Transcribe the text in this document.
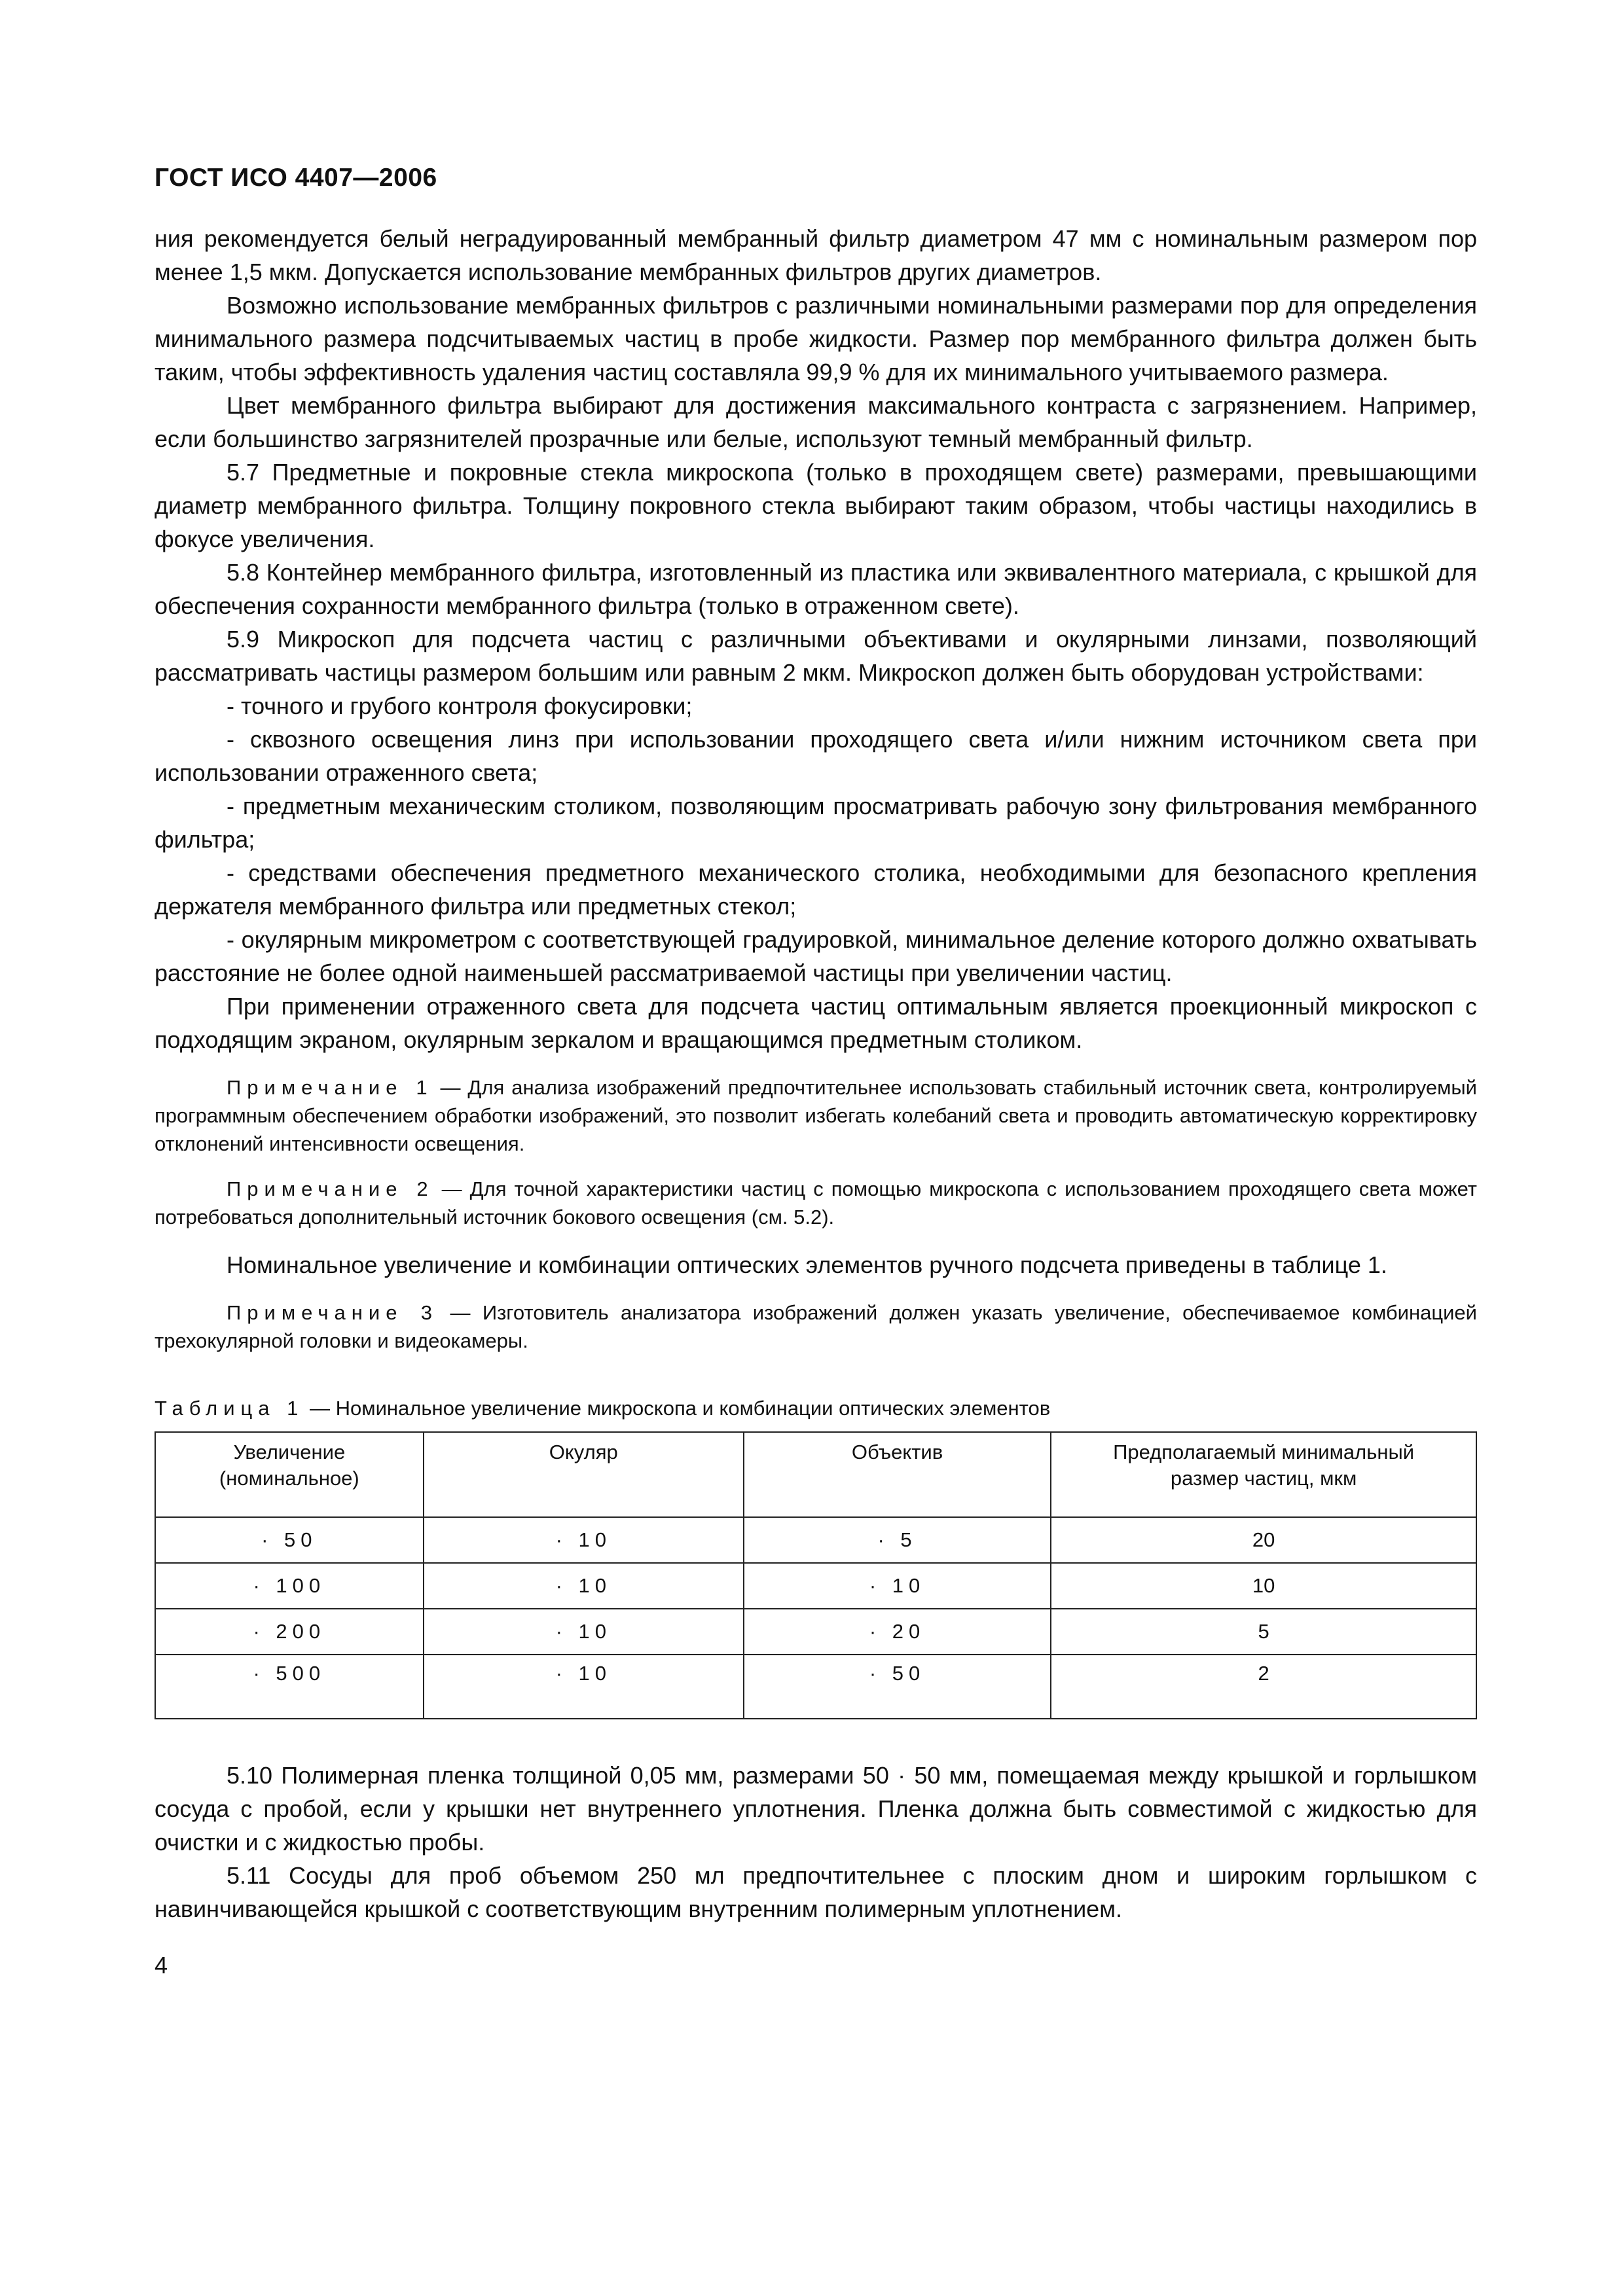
ГОСТ ИСО 4407—2006

ния рекомендуется белый неградуированный мембранный фильтр диаметром 47 мм с номинальным размером пор менее 1,5 мкм. Допускается использование мембранных фильтров других диаметров.

Возможно использование мембранных фильтров с различными номинальными размерами пор для определения минимального размера подсчитываемых частиц в пробе жидкости. Размер пор мембранного фильтра должен быть таким, чтобы эффективность удаления частиц составляла 99,9 % для их минимального учитываемого размера.

Цвет мембранного фильтра выбирают для достижения максимального контраста с загрязнением. Например, если большинство загрязнителей прозрачные или белые, используют темный мембранный фильтр.

5.7 Предметные и покровные стекла микроскопа (только в проходящем свете) размерами, превышающими диаметр мембранного фильтра. Толщину покровного стекла выбирают таким образом, чтобы частицы находились в фокусе увеличения.

5.8 Контейнер мембранного фильтра, изготовленный из пластика или эквивалентного материала, с крышкой для обеспечения сохранности мембранного фильтра (только в отраженном свете).

5.9 Микроскоп для подсчета частиц с различными объективами и окулярными линзами, позволяющий рассматривать частицы размером большим или равным 2 мкм. Микроскоп должен быть оборудован устройствами:

- точного и грубого контроля фокусировки;

- сквозного освещения линз при использовании проходящего света и/или нижним источником света при использовании отраженного света;

- предметным механическим столиком, позволяющим просматривать рабочую зону фильтрования мембранного фильтра;

- средствами обеспечения предметного механического столика, необходимыми для безопасного крепления держателя мембранного фильтра или предметных стекол;

- окулярным микрометром с соответствующей градуировкой, минимальное деление которого должно охватывать расстояние не более одной наименьшей рассматриваемой частицы при увеличении частиц.

При применении отраженного света для подсчета частиц оптимальным является проекционный микроскоп с подходящим экраном, окулярным зеркалом и вращающимся предметным столиком.

Примечание 1 — Для анализа изображений предпочтительнее использовать стабильный источник света, контролируемый программным обеспечением обработки изображений, это позволит избегать колебаний света и проводить автоматическую корректировку отклонений интенсивности освещения.

Примечание 2 — Для точной характеристики частиц с помощью микроскопа с использованием проходящего света может потребоваться дополнительный источник бокового освещения (см. 5.2).

Номинальное увеличение и комбинации оптических элементов ручного подсчета приведены в таблице 1.

Примечание 3 — Изготовитель анализатора изображений должен указать увеличение, обеспечиваемое комбинацией трехокулярной головки и видеокамеры.

Таблица 1 — Номинальное увеличение микроскопа и комбинации оптических элементов

Увеличение (номинальное)	Окуляр	Объектив	Предполагаемый минимальный размер частиц, мкм
· 50	· 10	· 5	20
· 100	· 10	· 10	10
· 200	· 10	· 20	5
· 500	· 10	· 50	2

5.10 Полимерная пленка толщиной 0,05 мм, размерами 50 · 50 мм, помещаемая между крышкой и горлышком сосуда с пробой, если у крышки нет внутреннего уплотнения. Пленка должна быть совместимой с жидкостью для очистки и с жидкостью пробы.

5.11 Сосуды для проб объемом 250 мл предпочтительнее с плоским дном и широким горлышком с навинчивающейся крышкой с соответствующим внутренним полимерным уплотнением.

4
